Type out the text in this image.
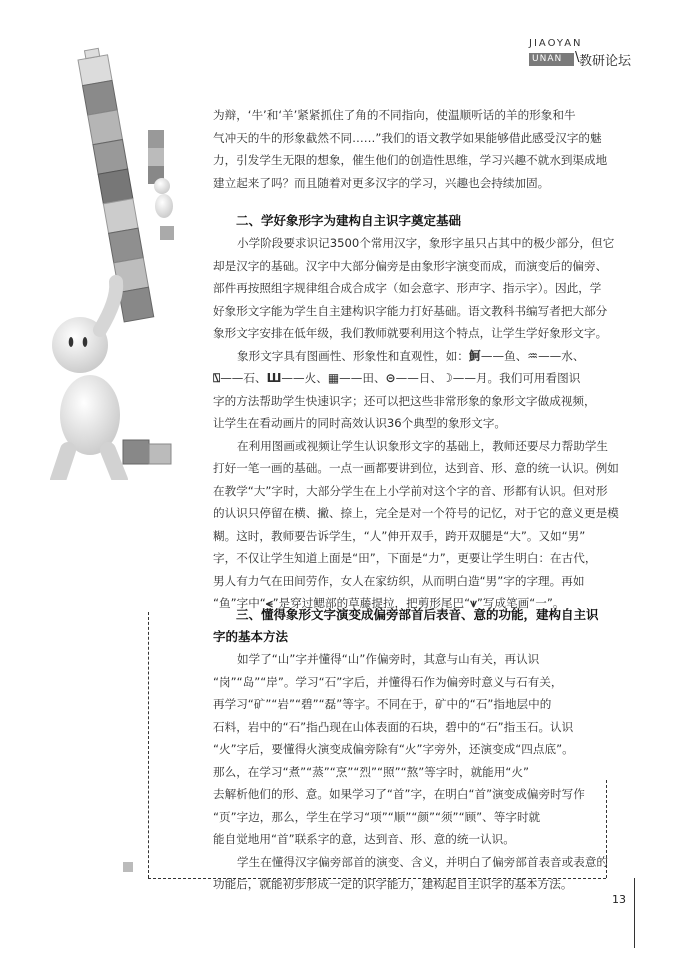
JIAOYAN
UNAN \ 教研论坛
为辩，‘牛’和‘羊’紧紧抓住了角的不同指向，使温顺听话的羊的形象和牛
气冲天的牛的形象截然不同……”我们的语文教学如果能够借此感受汉字的魅
力，引发学生无限的想象，催生他们的创造性思维，学习兴趣不就水到渠成地
建立起来了吗？而且随着对更多汉字的学习，兴趣也会持续加固。
二、学好象形字为建构自主识字奠定基础
小学阶段要求识记3500个常用汉字，象形字虽只占其中的极少部分，但它
却是汉字的基础。汉字中大部分偏旁是由象形字演变而成，而演变后的偏旁、
部件再按照组字规律组合成合成字（如会意字、形声字、指示字）。因此，学
好象形文字能为学生自主建构识字能力打好基础。语文教科书编写者把大部分
象形文字安排在低年级，我们教师就要利用这个特点，让学生学好象形文字。
象形文字具有图画性、形象性和直观性，如：魺——鱼、♒——水、
⍂——石、Ш——火、▦——田、⊝——日、☽——月。我们可用看图识
字的方法帮助学生快速识字；还可以把这些非常形象的象形文字做成视频，
让学生在看动画片的同时高效认识36个典型的象形文字。
在利用图画或视频让学生认识象形文字的基础上，教师还要尽力帮助学生
打好一笔一画的基础。一点一画都要讲到位，达到音、形、意的统一认识。例如
在教学“大”字时，大部分学生在上小学前对这个字的音、形都有认识。但对形
的认识只停留在横、撇、捺上，完全是对一个符号的记忆，对于它的意义更是模
糊。这时，教师要告诉学生，“人”伸开双手，跨开双腿是“大”。又如“男”
字，不仅让学生知道上面是“田”，下面是“力”，更要让学生明白：在古代，
男人有力气在田间劳作，女人在家纺织，从而明白造“男”字的字理。再如
“鱼”字中“⪪”是穿过鳃部的草藤提拉，把剪形尾巴“⩛”写成笔画“一”。
三、懂得象形文字演变成偏旁部首后表音、意的功能，建构自主识
字的基本方法
如学了“山”字并懂得“山”作偏旁时，其意与山有关，再认识
“岗”“岛”“岸”。学习“石”字后，并懂得石作为偏旁时意义与石有关，
再学习“矿”“岩”“碧”“磊”等字。不同在于，矿中的“石”指地层中的
石料，岩中的“石”指凸现在山体表面的石块，碧中的“石”指玉石。认识
“火”字后，要懂得火演变成偏旁除有“火”字旁外，还演变成“四点底”。
那么，在学习“煮”“蒸”“烹”“烈”“照”“熬”等字时，就能用“火”
去解析他们的形、意。如果学习了“首”字，在明白“首”演变成偏旁时写作
“页”字边，那么，学生在学习“项”“顺”“颜”“须”“顾”、等字时就
能自觉地用“首”联系字的意，达到音、形、意的统一认识。
学生在懂得汉字偏旁部首的演变、含义，并明白了偏旁部首表音或表意的
功能后，就能初步形成一定的识字能力，建构起自主识字的基本方法。
13
